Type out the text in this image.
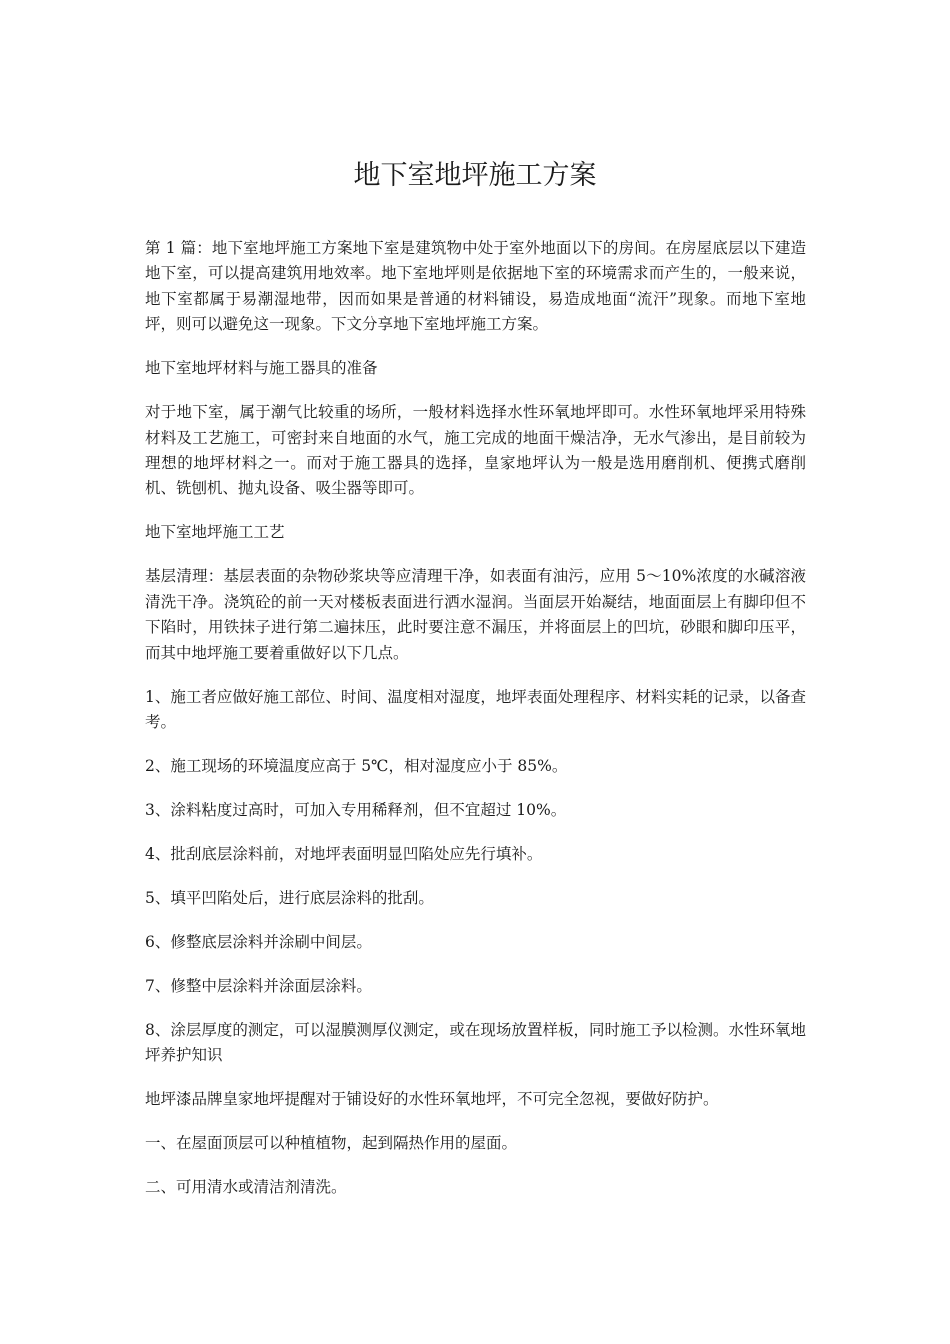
地下室地坪施工方案

第 1 篇：地下室地坪施工方案地下室是建筑物中处于室外地面以下的房间。在房屋底层以下建造地下室，可以提高建筑用地效率。地下室地坪则是依据地下室的环境需求而产生的，一般来说，地下室都属于易潮湿地带，因而如果是普通的材料铺设，易造成地面“流汗”现象。而地下室地坪，则可以避免这一现象。下文分享地下室地坪施工方案。

地下室地坪材料与施工器具的准备

对于地下室，属于潮气比较重的场所，一般材料选择水性环氧地坪即可。水性环氧地坪采用特殊材料及工艺施工，可密封来自地面的水气，施工完成的地面干燥洁净，无水气渗出，是目前较为理想的地坪材料之一。而对于施工器具的选择，皇家地坪认为一般是选用磨削机、便携式磨削机、铣刨机、抛丸设备、吸尘器等即可。

地下室地坪施工工艺

基层清理：基层表面的杂物砂浆块等应清理干净，如表面有油污，应用 5～10%浓度的水碱溶液清洗干净。浇筑砼的前一天对楼板表面进行洒水湿润。当面层开始凝结，地面面层上有脚印但不下陷时，用铁抹子进行第二遍抹压，此时要注意不漏压，并将面层上的凹坑，砂眼和脚印压平，而其中地坪施工要着重做好以下几点。

1、施工者应做好施工部位、时间、温度相对湿度，地坪表面处理程序、材料实耗的记录，以备查考。

2、施工现场的环境温度应高于 5℃，相对湿度应小于 85%。

3、涂料粘度过高时，可加入专用稀释剂，但不宜超过 10%。

4、批刮底层涂料前，对地坪表面明显凹陷处应先行填补。

5、填平凹陷处后，进行底层涂料的批刮。

6、修整底层涂料并涂刷中间层。

7、修整中层涂料并涂面层涂料。

8、涂层厚度的测定，可以湿膜测厚仪测定，或在现场放置样板，同时施工予以检测。水性环氧地坪养护知识

地坪漆品牌皇家地坪提醒对于铺设好的水性环氧地坪，不可完全忽视，要做好防护。

一、在屋面顶层可以种植植物，起到隔热作用的屋面。

二、可用清水或清洁剂清洗。
